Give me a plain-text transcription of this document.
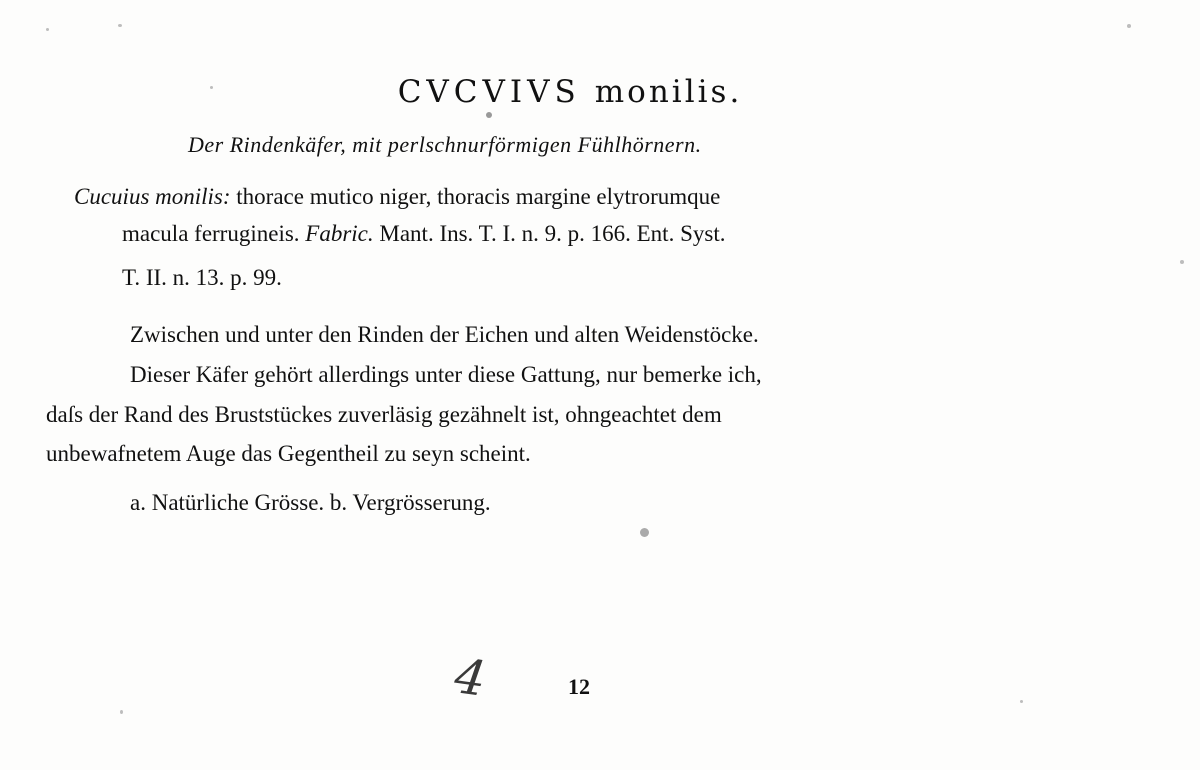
CVCVIVS monilis.
Der Rindenkäfer, mit perlschnurförmigen Fühlhörnern.
Cucuius monilis: thorace mutico niger, thoracis margine elytrorumque
macula ferrugineis. Fabric. Mant. Ins. T. I. n. 9. p. 166. Ent. Syst.
T. II. n. 13. p. 99.
Zwischen und unter den Rinden der Eichen und alten Weidenstöcke.
Dieser Käfer gehört allerdings unter diese Gattung, nur bemerke ich,
daſs der Rand des Bruststückes zuverläsig gezähnelt ist, ohngeachtet dem
unbewafnetem Auge das Gegentheil zu seyn scheint.
a. Natürliche Grösse. b. Vergrösserung.
4	12
